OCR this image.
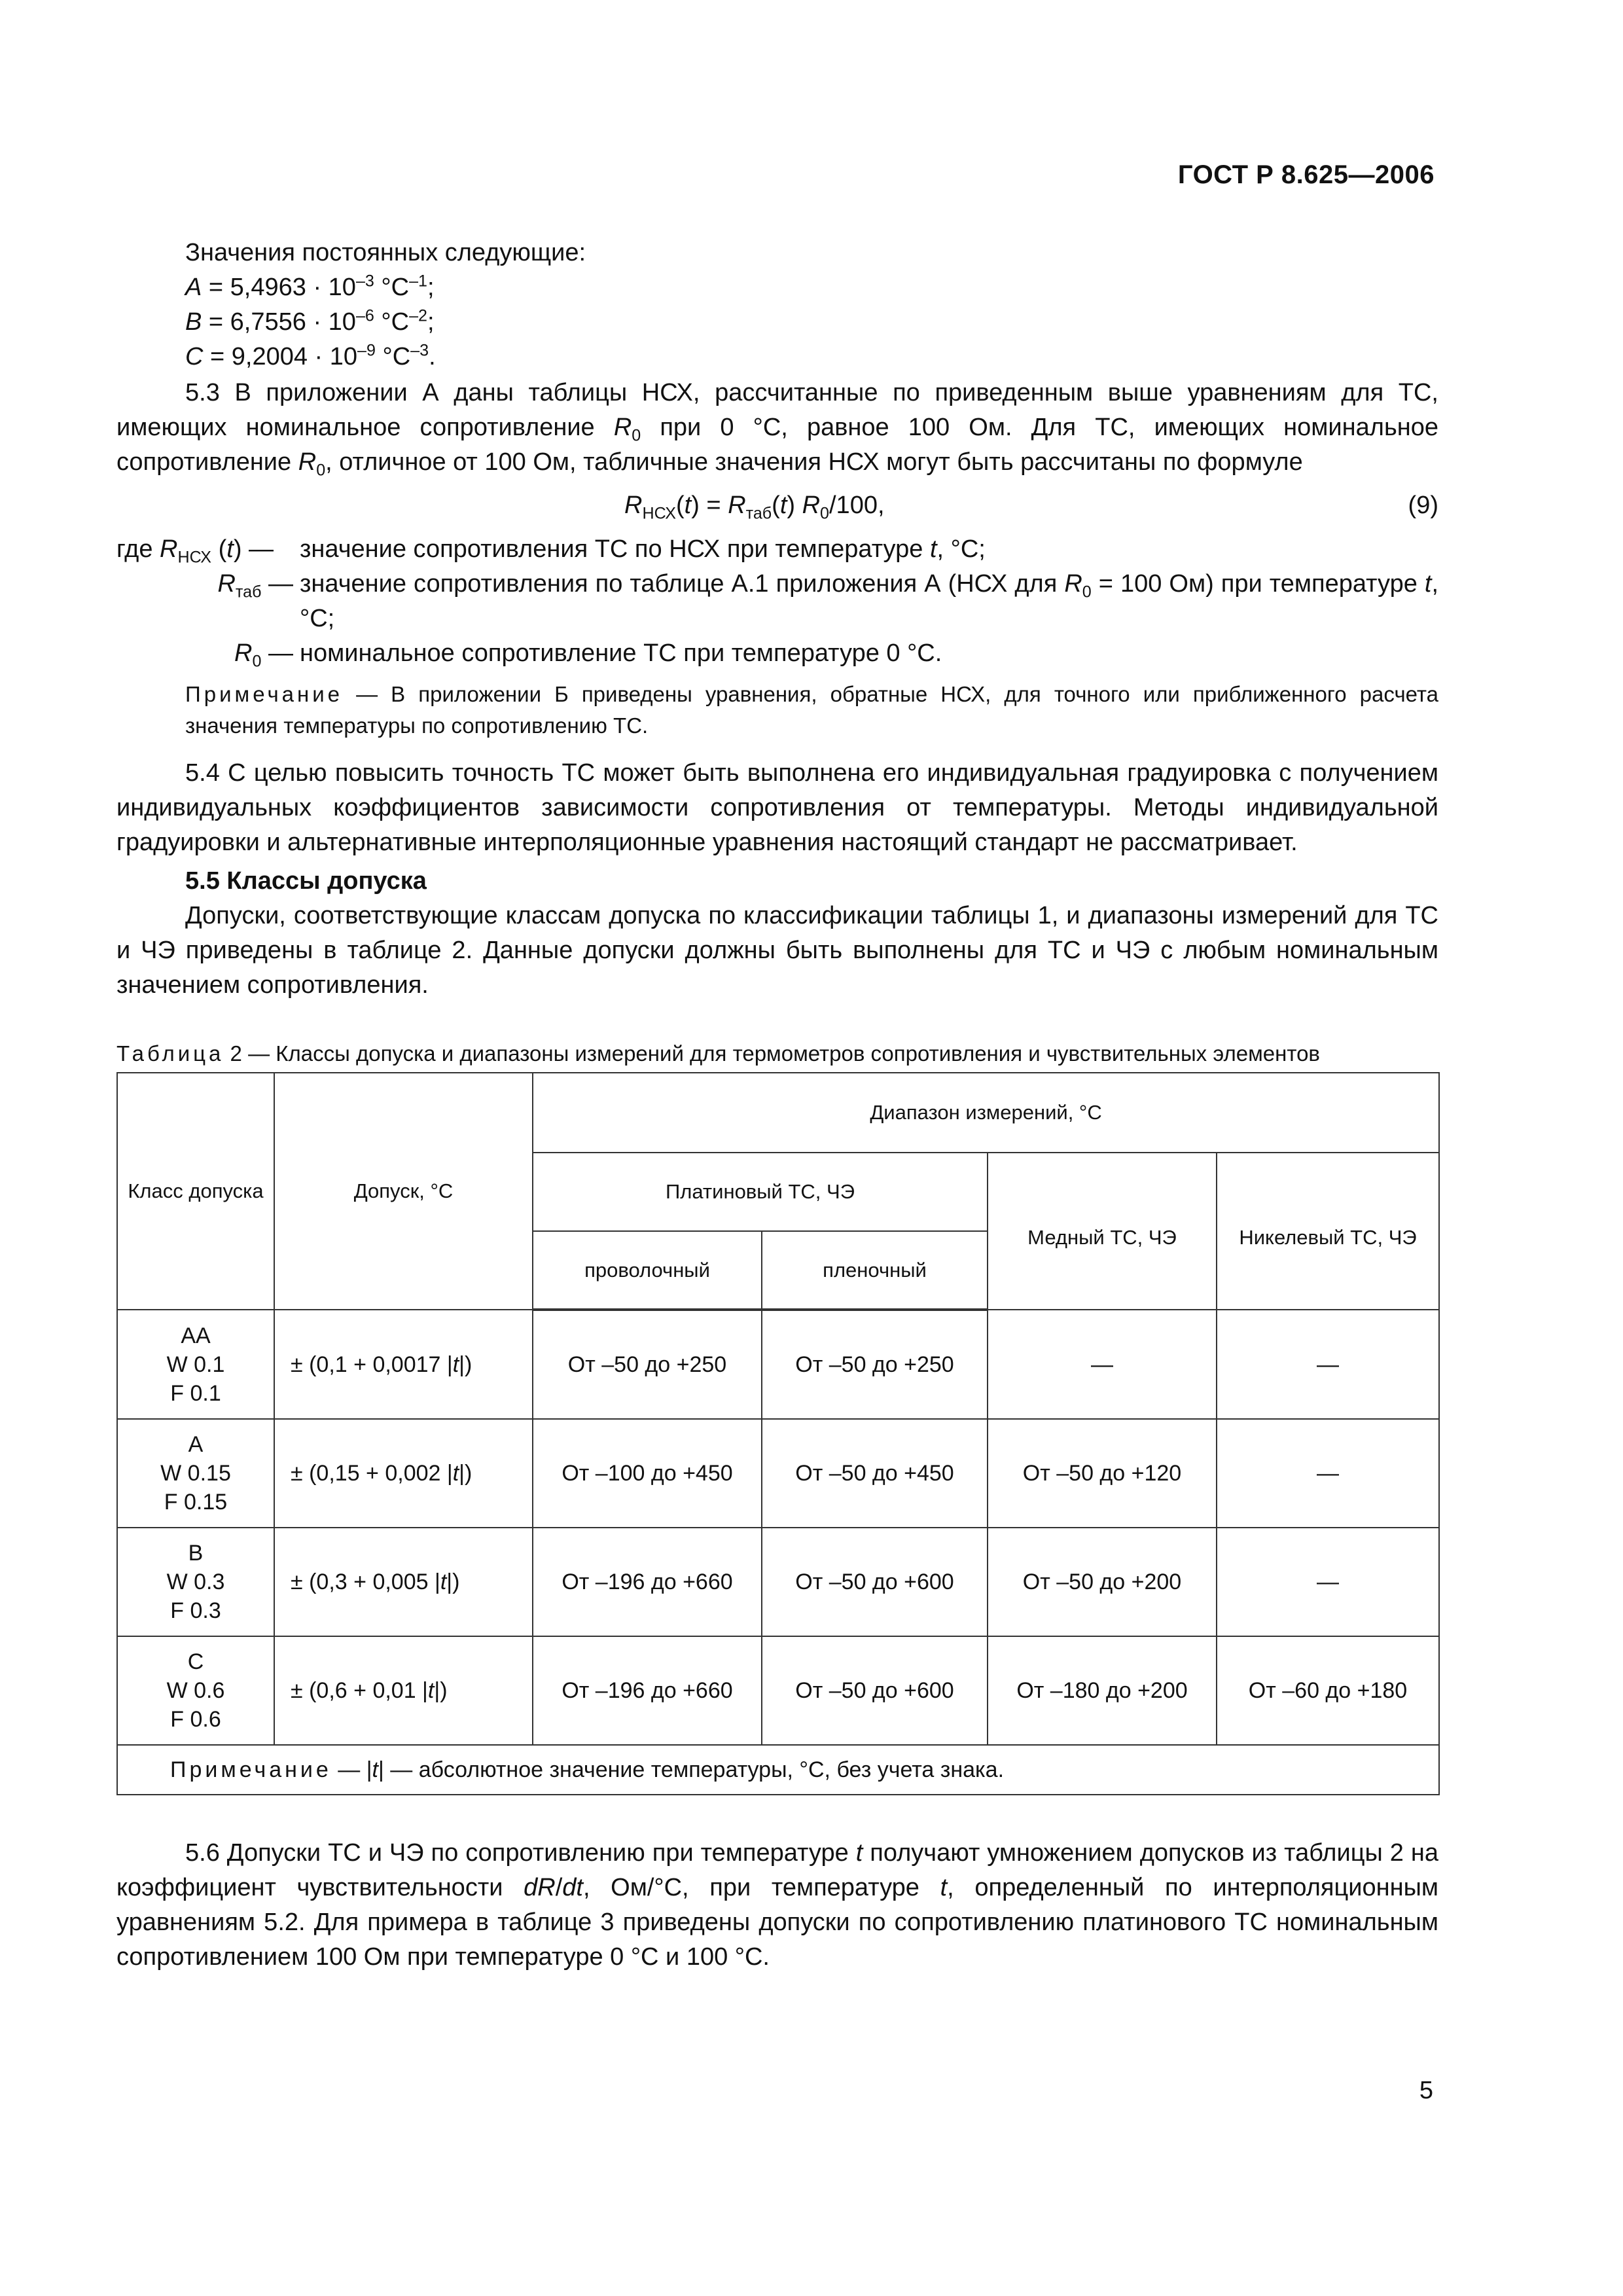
ГОСТ Р 8.625—2006

Значения постоянных следующие:

$A = 5,4963 \cdot 10^{-3}$ $^\circ С^{-1}$;

$B = 6,7556 \cdot 10^{-6}$ $^\circ С^{-2}$;

$C = 9,2004 \cdot 10^{-9}$ $^\circ С^{-3}$.

5.3 В приложении А даны таблицы НСХ, рассчитанные по приведенным выше уравнениям для ТС, имеющих номинальное сопротивление $R_0$ при 0 °С, равное 100 Ом. Для ТС, имеющих номинальное сопротивление $R_0$, отличное от 100 Ом, табличные значения НСХ могут быть рассчитаны по формуле

$R_{НСХ}(t) = R_{таб}(t)$ $R_0/100$,	(9)
где $R_{НСХ}$ (t) —	значение сопротивления ТС по НСХ при температуре t, °С;
$R_{таб}$ — значение сопротивления по таблице А.1 приложения А (НСХ для $R_0 = 100$ Ом) при температуре t, °С;
$R_0$ — номинальное сопротивление ТС при температуре 0 °С.

Примечание — В приложении Б приведены уравнения, обратные НСХ, для точного или приближенного расчета значения температуры по сопротивлению ТС.

5.4 С целью повысить точность ТС может быть выполнена его индивидуальная градуировка с получением индивидуальных коэффициентов зависимости сопротивления от температуры. Методы индивидуальной градуировки и альтернативные интерполяционные уравнения настоящий стандарт не рассматривает.

5.5 Классы допуска

Допуски, соответствующие классам допуска по классификации таблицы 1, и диапазоны измерений для ТС и ЧЭ приведены в таблице 2. Данные допуски должны быть выполнены для ТС и ЧЭ с любым номинальным значением сопротивления.

Таблица 2 — Классы допуска и диапазоны измерений для термометров сопротивления и чувствительных элементов

Класс допуска	Допуск, °С	Диапазон измерений, °С			
		Платиновый ТС, ЧЭ		Медный ТС, ЧЭ	Никелевый ТС, ЧЭ
		проволочный	пленочный		

AA
W 0.1
F 0.1	± (0,1 + 0,0017 |t|)	От –50 до +250	От –50 до +250	—	—

A
W 0.15
F 0.15	± (0,15 + 0,002 |t|)	От –100 до +450	От –50 до +450	От –50 до +120	—

B
W 0.3
F 0.3	± (0,3 + 0,005 |t|)	От –196 до +660	От –50 до +600	От –50 до +200	—

C
W 0.6
F 0.6	± (0,6 + 0,01 |t|)	От –196 до +660	От –50 до +600	От –180 до +200	От –60 до +180
Примечание — |t| — абсолютное значение температуры, °С, без учета знака.					

5.6 Допуски ТС и ЧЭ по сопротивлению при температуре t получают умножением допусков из таблицы 2 на коэффициент чувствительности dR/dt, Ом/°С, при температуре t, определенный по интерполяционным уравнениям 5.2. Для примера в таблице 3 приведены допуски по сопротивлению платинового ТС номинальным сопротивлением 100 Ом при температуре 0 °С и 100 °С.

5
